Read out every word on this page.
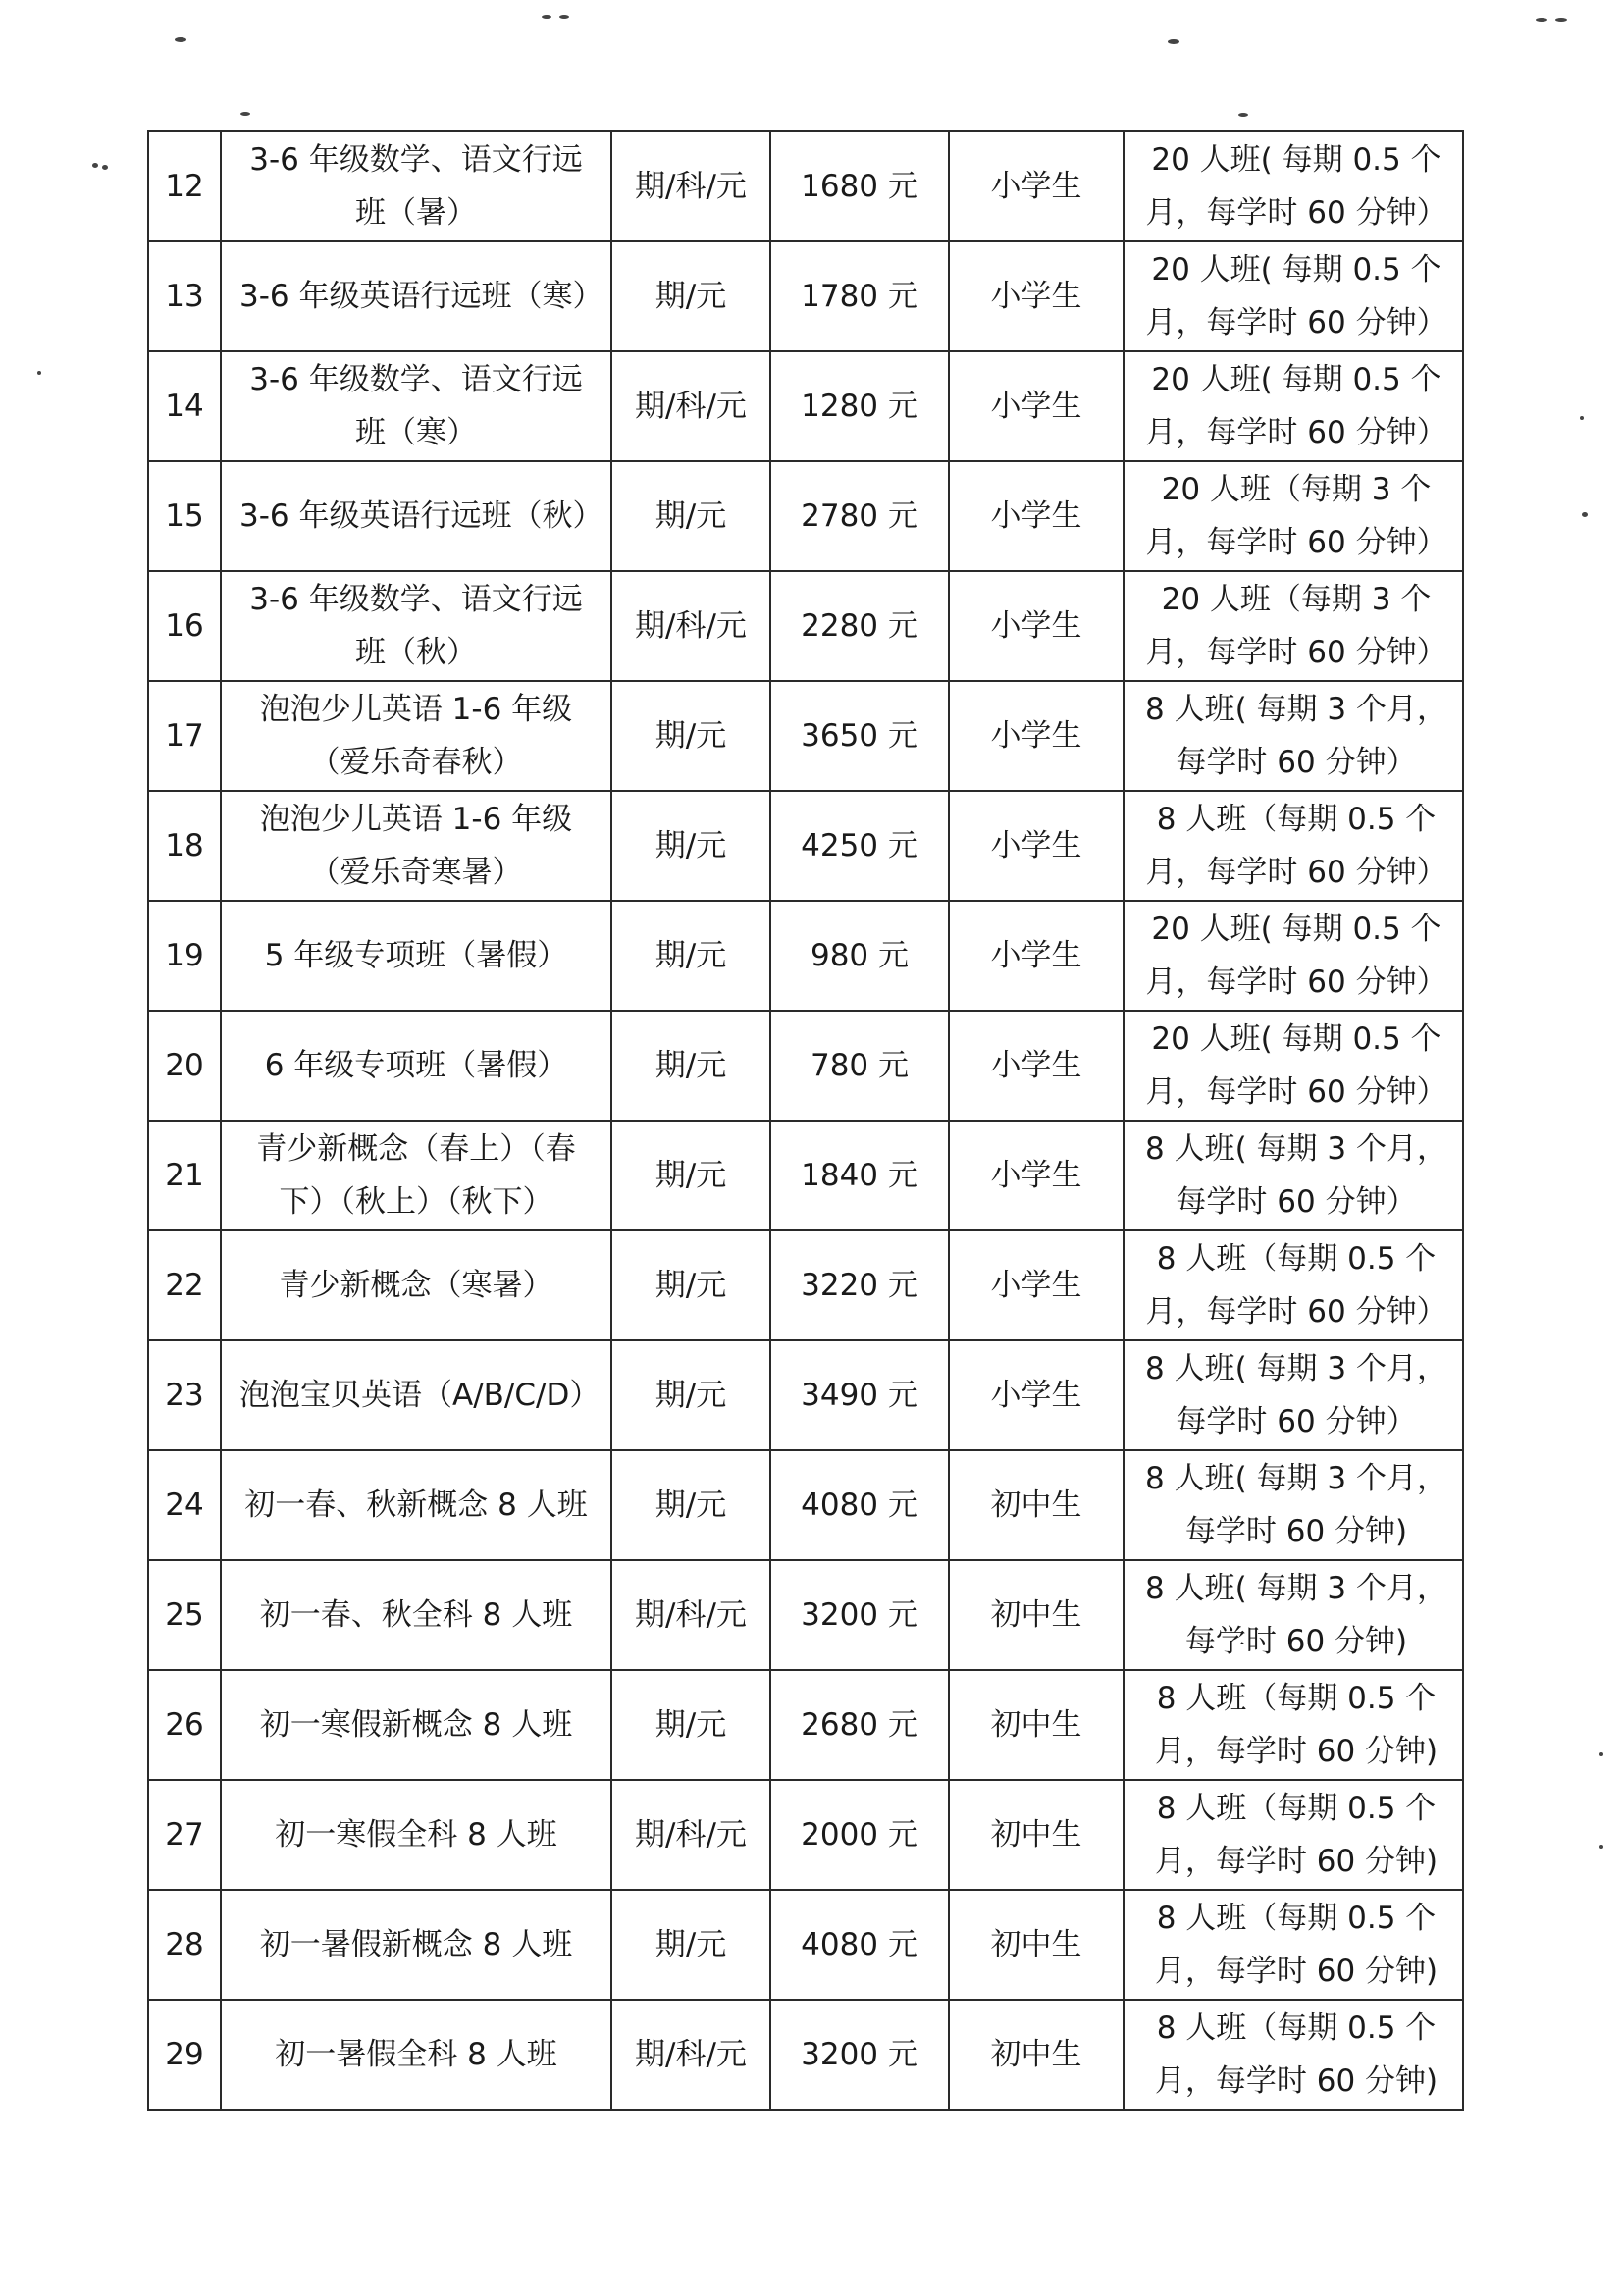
12	3-6 年级数学、语文行远班（暑）	期/科/元	1680 元	小学生	20 人班( 每期 0.5 个月，每学时 60 分钟）
13	3-6 年级英语行远班（寒）	期/元	1780 元	小学生	20 人班( 每期 0.5 个月，每学时 60 分钟）
14	3-6 年级数学、语文行远班（寒）	期/科/元	1280 元	小学生	20 人班( 每期 0.5 个月，每学时 60 分钟）
15	3-6 年级英语行远班（秋）	期/元	2780 元	小学生	20 人班（每期 3 个月，每学时 60 分钟）
16	3-6 年级数学、语文行远班（秋）	期/科/元	2280 元	小学生	20 人班（每期 3 个月，每学时 60 分钟）
17	泡泡少儿英语 1-6 年级（爱乐奇春秋）	期/元	3650 元	小学生	8 人班( 每期 3 个月，每学时 60 分钟）
18	泡泡少儿英语 1-6 年级（爱乐奇寒暑）	期/元	4250 元	小学生	8 人班（每期 0.5 个月，每学时 60 分钟）
19	5 年级专项班（暑假）	期/元	980 元	小学生	20 人班( 每期 0.5 个月，每学时 60 分钟）
20	6 年级专项班（暑假）	期/元	780 元	小学生	20 人班( 每期 0.5 个月，每学时 60 分钟）
21	青少新概念（春上）（春下）（秋上）（秋下）	期/元	1840 元	小学生	8 人班( 每期 3 个月，每学时 60 分钟）
22	青少新概念（寒暑）	期/元	3220 元	小学生	8 人班（每期 0.5 个月，每学时 60 分钟）
23	泡泡宝贝英语（A/B/C/D）	期/元	3490 元	小学生	8 人班( 每期 3 个月，每学时 60 分钟）
24	初一春、秋新概念 8 人班	期/元	4080 元	初中生	8 人班( 每期 3 个月，每学时 60 分钟)
25	初一春、秋全科 8 人班	期/科/元	3200 元	初中生	8 人班( 每期 3 个月，每学时 60 分钟)
26	初一寒假新概念 8 人班	期/元	2680 元	初中生	8 人班（每期 0.5 个月，每学时 60 分钟)
27	初一寒假全科 8 人班	期/科/元	2000 元	初中生	8 人班（每期 0.5 个月，每学时 60 分钟)
28	初一暑假新概念 8 人班	期/元	4080 元	初中生	8 人班（每期 0.5 个月，每学时 60 分钟)
29	初一暑假全科 8 人班	期/科/元	3200 元	初中生	8 人班（每期 0.5 个月，每学时 60 分钟)
